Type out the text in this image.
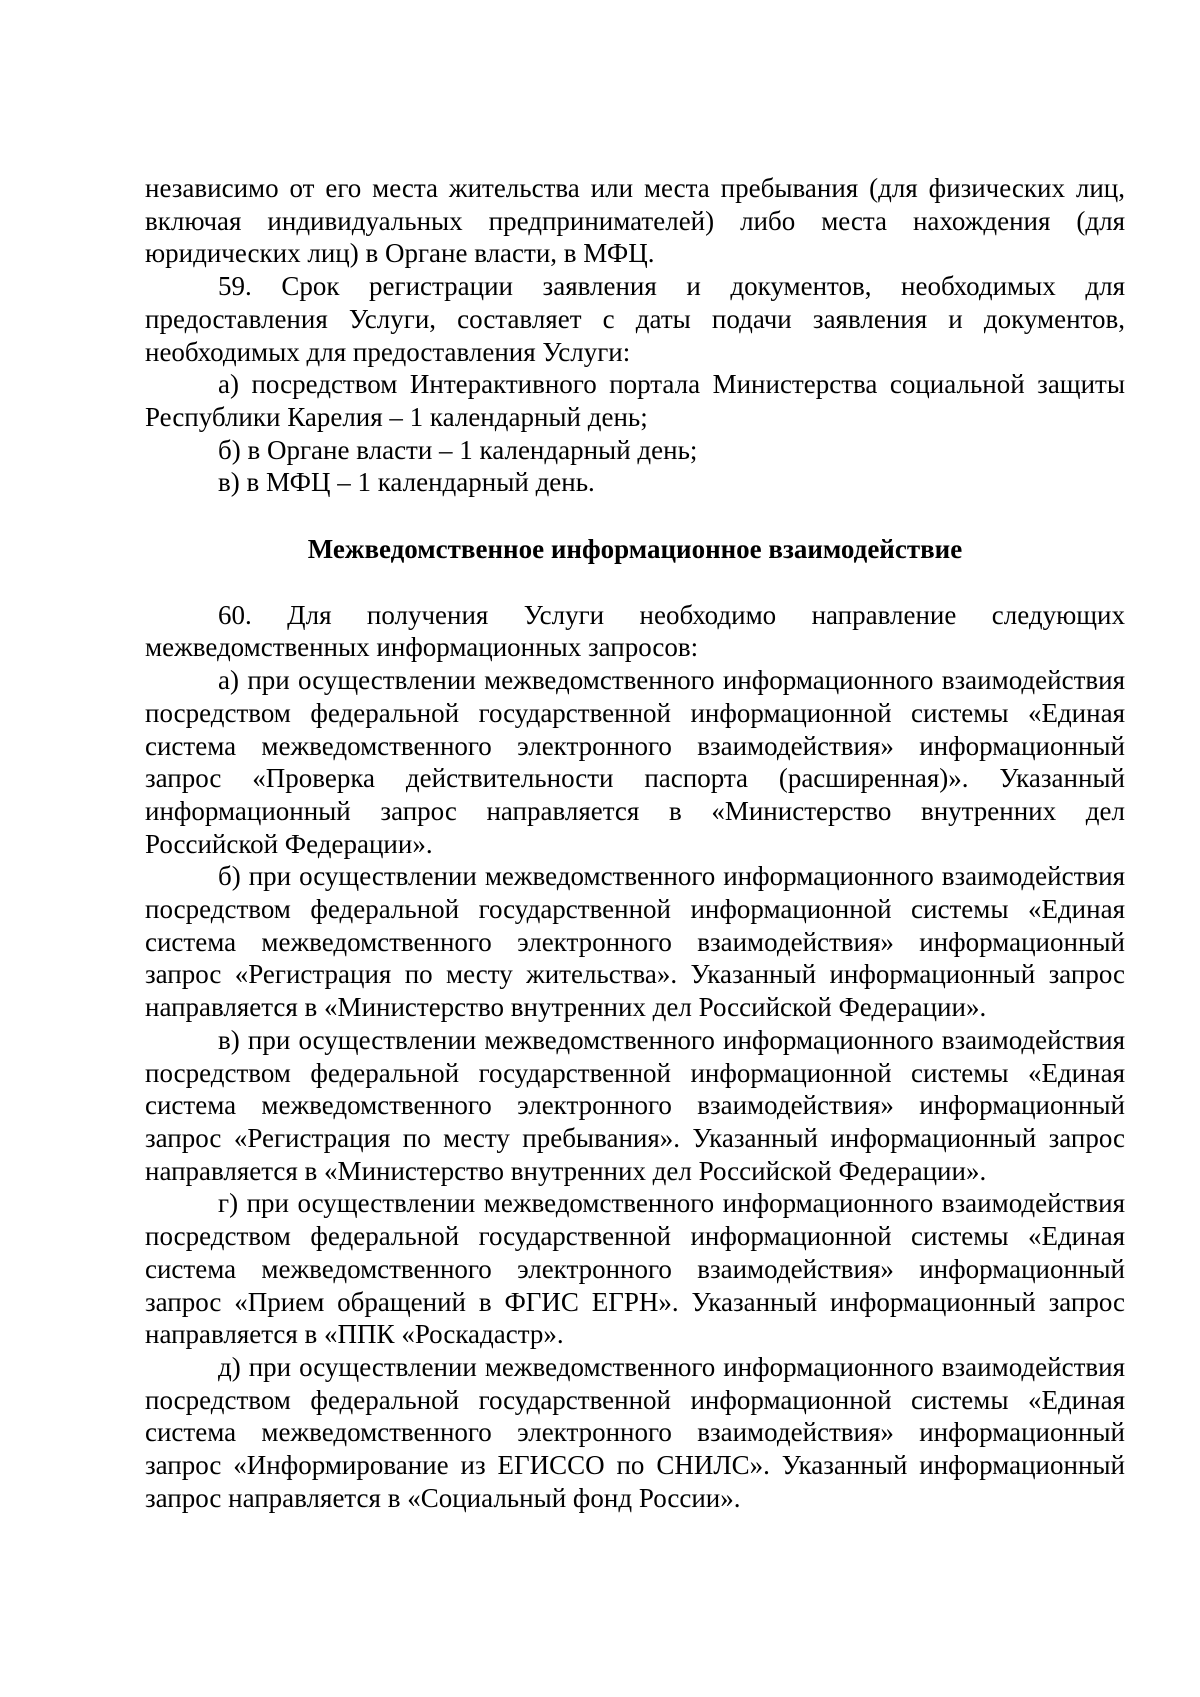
независимо от его места жительства или места пребывания (для физических лиц, включая индивидуальных предпринимателей) либо места нахождения (для юридических лиц) в Органе власти, в МФЦ.

59. Срок регистрации заявления и документов, необходимых для предоставления Услуги, составляет с даты подачи заявления и документов, необходимых для предоставления Услуги:

а) посредством Интерактивного портала Министерства социальной защиты Республики Карелия – 1 календарный день;

б) в Органе власти – 1 календарный день;

в) в МФЦ – 1 календарный день.

Межведомственное информационное взаимодействие

60. Для получения Услуги необходимо направление следующих межведомственных информационных запросов:

а) при осуществлении межведомственного информационного взаимодействия посредством федеральной государственной информационной системы «Единая система межведомственного электронного взаимодействия» информационный запрос «Проверка действительности паспорта (расширенная)». Указанный информационный запрос направляется в «Министерство внутренних дел Российской Федерации».

б) при осуществлении межведомственного информационного взаимодействия посредством федеральной государственной информационной системы «Единая система межведомственного электронного взаимодействия» информационный запрос «Регистрация по месту жительства». Указанный информационный запрос направляется в «Министерство внутренних дел Российской Федерации».

в) при осуществлении межведомственного информационного взаимодействия посредством федеральной государственной информационной системы «Единая система межведомственного электронного взаимодействия» информационный запрос «Регистрация по месту пребывания». Указанный информационный запрос направляется в «Министерство внутренних дел Российской Федерации».

г) при осуществлении межведомственного информационного взаимодействия посредством федеральной государственной информационной системы «Единая система межведомственного электронного взаимодействия» информационный запрос «Прием обращений в ФГИС ЕГРН». Указанный информационный запрос направляется в «ППК «Роскадастр».

д) при осуществлении межведомственного информационного взаимодействия посредством федеральной государственной информационной системы «Единая система межведомственного электронного взаимодействия» информационный запрос «Информирование из ЕГИССО по СНИЛС». Указанный информационный запрос направляется в «Социальный фонд России».
